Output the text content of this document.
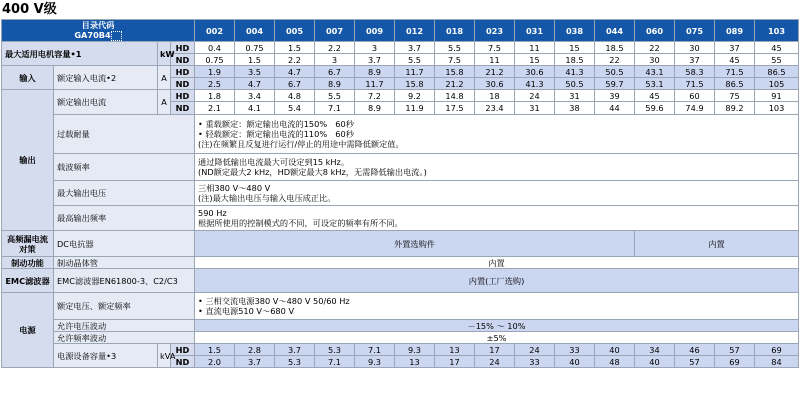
400 V级
目录代码
GA70B4				002	004	005	007	009	012	018	023	031	038	044	060	075	089	103
最大适用电机容量•1		kW	HD	0.4	0.75	1.5	2.2	3	3.7	5.5	7.5	11	15	18.5	22	30	37	45
			ND	0.75	1.5	2.2	3	3.7	5.5	7.5	11	15	18.5	22	30	37	45	55
输入	额定输入电流•2	A	HD	1.9	3.5	4.7	6.7	8.9	11.7	15.8	21.2	30.6	41.3	50.5	43.1	58.3	71.5	86.5
			ND	2.5	4.7	6.7	8.9	11.7	15.8	21.2	30.6	41.3	50.5	59.7	53.1	71.5	86.5	105
输出	额定输出电流	A	HD	1.8	3.4	4.8	5.5	7.2	9.2	14.8	18	24	31	39	45	60	75	91
			ND	2.1	4.1	5.4	7.1	8.9	11.9	17.5	23.4	31	38	44	59.6	74.9	89.2	103
	过载耐量			• 重载额定：额定输出电流的150%　60秒
• 轻载额定：额定输出电流的110%　60秒
(注)在频繁且反复进行运行/停止的用途中需降低额定值。														

	载波频率			通过降低输出电流最大可设定到15 kHz。
(ND额定最大2 kHz，HD额定最大8 kHz，无需降低输出电流。)														

	最大输出电压			三相380 V～480 V
(注)最大输出电压与输入电压成正比。														

	最高输出频率			590 Hz
根据所使用的控制模式的不同，可设定的频率有所不同。														

高频漏电流对策	DC电抗器			外置选购件											内置			
制动功能	制动晶体管			内置														
EMC滤波器	EMC滤波器EN61800-3、C2/C3			内置(工厂选购)														
电源	额定电压、额定频率			• 三相交流电源380 V～480 V 50/60 Hz
• 直流电源510 V～680 V														

	允许电压波动			－15% ～ 10%														
	允许频率波动			±5%														
	电源设备容量•3	kVA	HD	1.5	2.8	3.7	5.3	7.1	9.3	13	17	24	33	40	34	46	57	69
			ND	2.0	3.7	5.3	7.1	9.3	13	17	24	33	40	48	40	57	69	84
